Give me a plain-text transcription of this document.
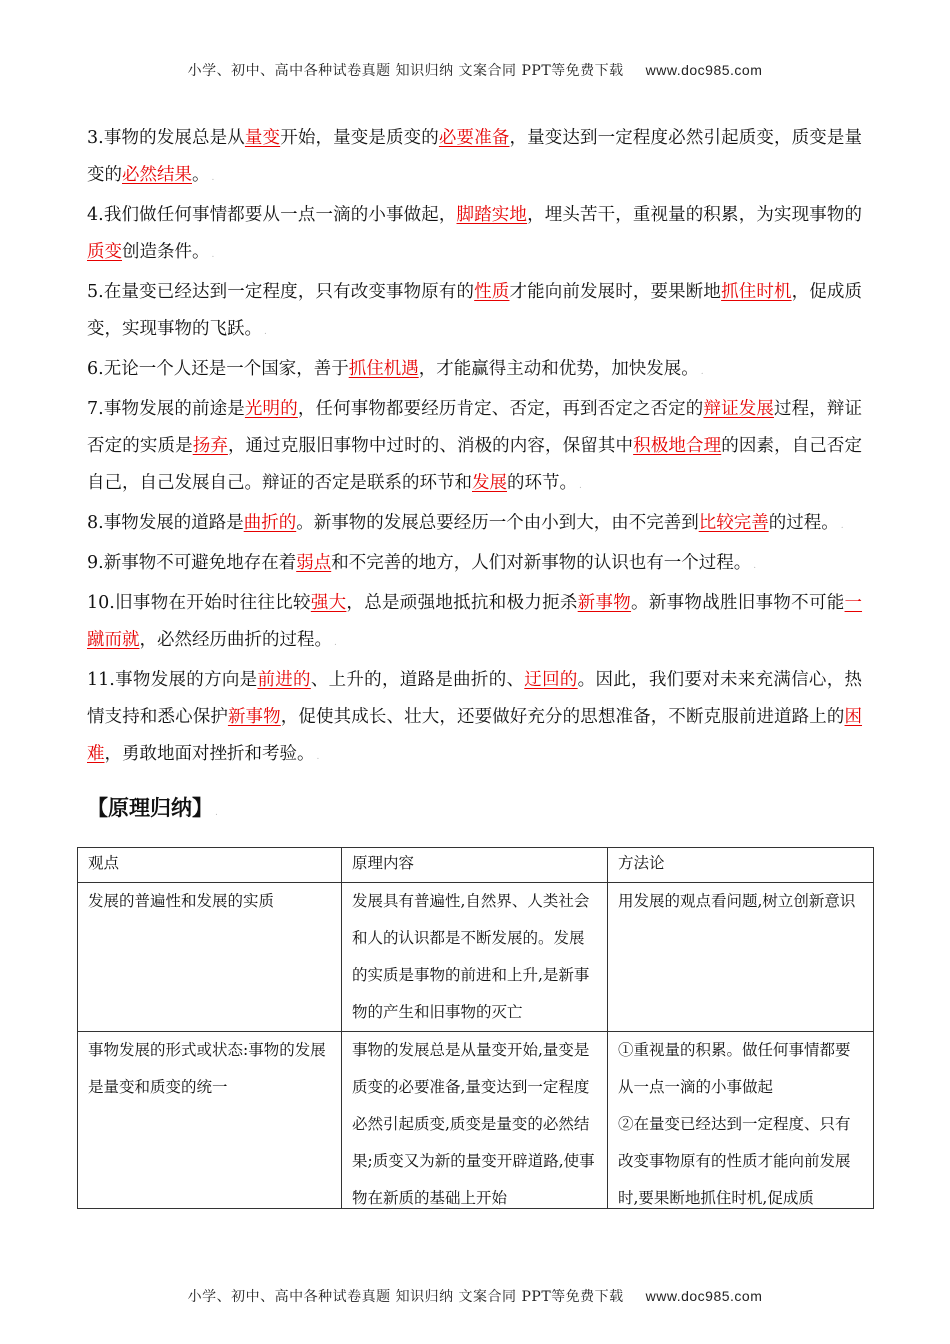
小学、初中、高中各种试卷真题 知识归纳 文案合同 PPT等免费下载 www.doc985.com

3.事物的发展总是从量变开始，量变是质变的必要准备，量变达到一定程度必然引起质变，质变是量变的必然结果。 .

4.我们做任何事情都要从一点一滴的小事做起，脚踏实地，埋头苦干，重视量的积累，为实现事物的质变创造条件。 .

5.在量变已经达到一定程度，只有改变事物原有的性质才能向前发展时，要果断地抓住时机，促成质变，实现事物的飞跃。 .

6.无论一个人还是一个国家，善于抓住机遇，才能赢得主动和优势，加快发展。 .

7.事物发展的前途是光明的，任何事物都要经历肯定、否定，再到否定之否定的辩证发展过程，辩证否定的实质是扬弃，通过克服旧事物中过时的、消极的内容，保留其中积极地合理的因素，自己否定自己，自己发展自己。辩证的否定是联系的环节和发展的环节。 .

8.事物发展的道路是曲折的。新事物的发展总要经历一个由小到大，由不完善到比较完善的过程。 .

9.新事物不可避免地存在着弱点和不完善的地方，人们对新事物的认识也有一个过程。 .

10.旧事物在开始时往往比较强大，总是顽强地抵抗和极力扼杀新事物。新事物战胜旧事物不可能一蹴而就，必然经历曲折的过程。 .

11.事物发展的方向是前进的、上升的，道路是曲折的、迂回的。因此，我们要对未来充满信心，热情支持和悉心保护新事物，促使其成长、壮大，还要做好充分的思想准备，不断克服前进道路上的困难，勇敢地面对挫折和考验。 .

【原理归纳】 .
观点	原理内容	方法论
发展的普遍性和发展的实质	发展具有普遍性,自然界、人类社会和人的认识都是不断发展的。发展的实质是事物的前进和上升,是新事物的产生和旧事物的灭亡	用发展的观点看问题,树立创新意识

事物发展的形式或状态:事物的发展是量变和质变的统一	事物的发展总是从量变开始,量变是质变的必要准备,量变达到一定程度必然引起质变,质变是量变的必然结果;质变又为新的量变开辟道路,使事物在新质的基础上开始	①重视量的积累。做任何事情都要从一点一滴的小事做起
②在量变已经达到一定程度、只有改变事物原有的性质才能向前发展时,要果断地抓住时机,促成质
小学、初中、高中各种试卷真题 知识归纳 文案合同 PPT等免费下载 www.doc985.com
